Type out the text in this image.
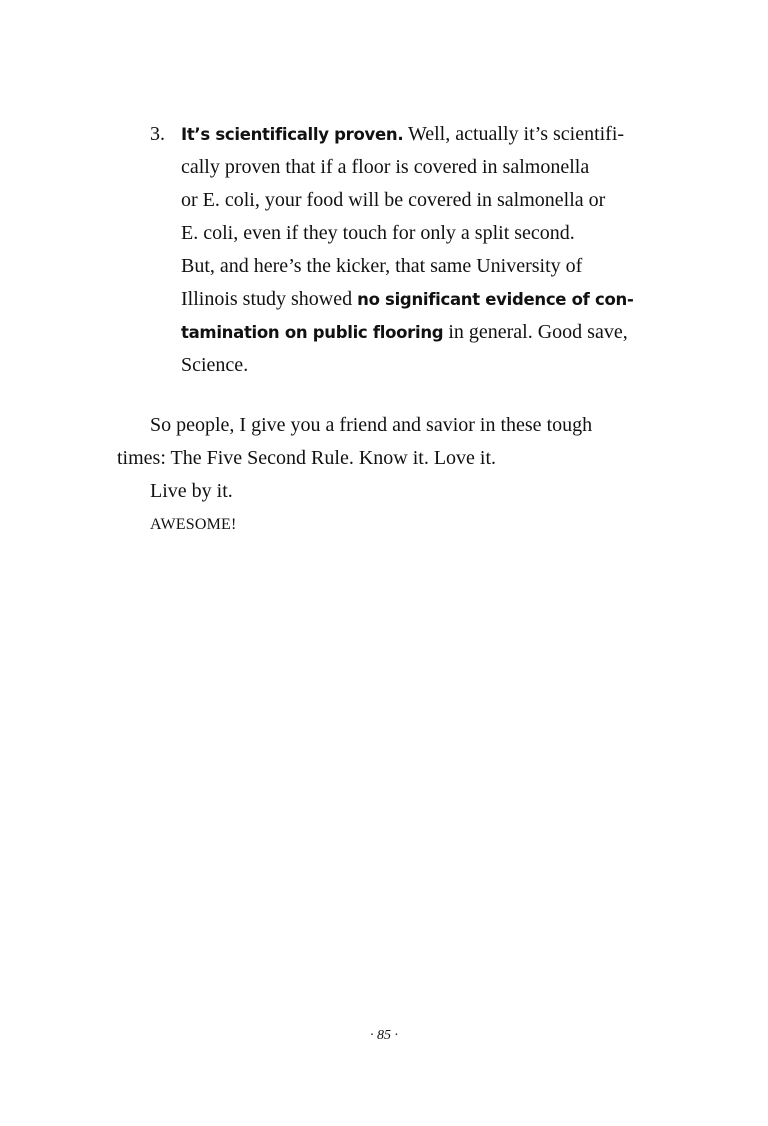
3. It’s scientifically proven. Well, actually it’s scientifi-
cally proven that if a floor is covered in salmonella
or E. coli, your food will be covered in salmonella or
E. coli, even if they touch for only a split second.
But, and here’s the kicker, that same University of
Illinois study showed no significant evidence of con-
tamination on public flooring in general. Good save,
Science.
So people, I give you a friend and savior in these tough
times: The Five Second Rule. Know it. Love it.
Live by it.
AWESOME!
· 85 ·
